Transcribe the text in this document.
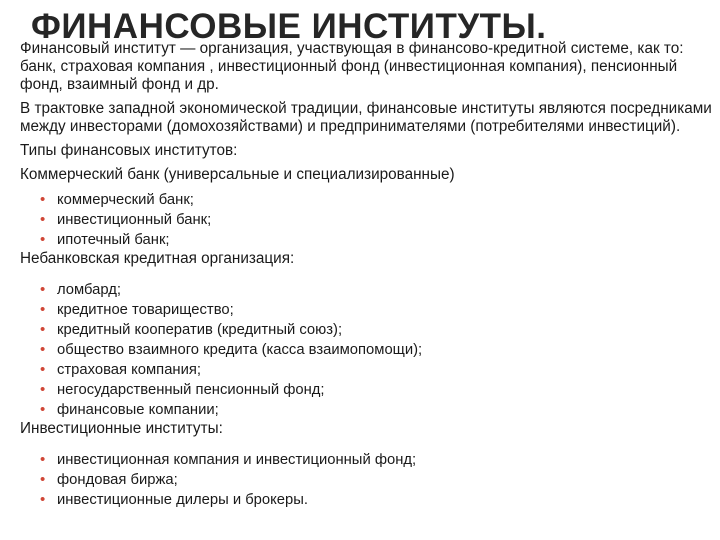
ФИНАНСОВЫЕ ИНСТИТУТЫ.

Финансовый институт — организация, участвующая в финансово-кредитной системе, как то: банк, страховая компания , инвестиционный фонд (инвестиционная компания), пенсионный фонд, взаимный фонд и др.

В трактовке западной экономической традиции, финансовые институты являются посредниками между инвесторами (домохозяйствами) и предпринимателями (потребителями инвестиций).

Типы финансовых институтов:

Коммерческий банк (универсальные и специализированные)
• коммерческий банк;
• инвестиционный банк;
• ипотечный банк;
Небанковская кредитная организация:
• ломбард;
• кредитное товарищество;
• кредитный кооператив (кредитный союз);
• общество взаимного кредита (касса взаимопомощи);
• страховая компания;
• негосударственный пенсионный фонд;
• финансовые компании;
Инвестиционные институты:
• инвестиционная компания и инвестиционный фонд;
• фондовая биржа;
• инвестиционные дилеры и брокеры.
